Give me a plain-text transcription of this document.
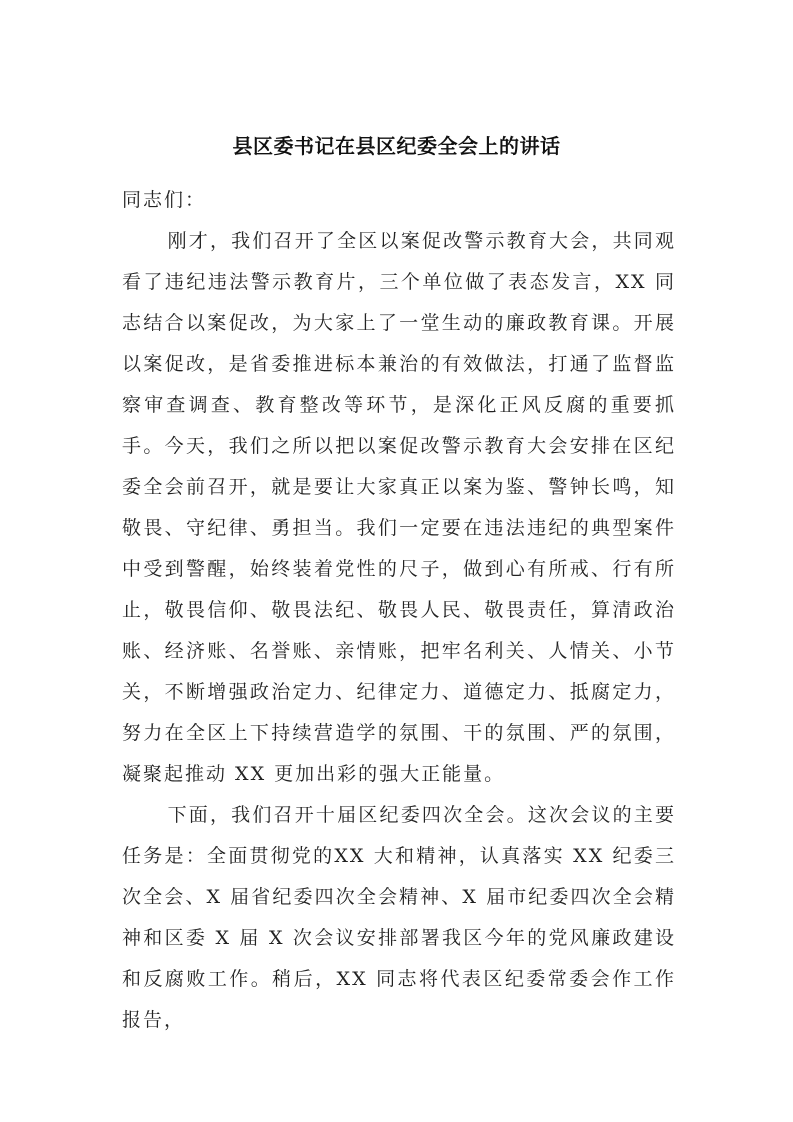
县区委书记在县区纪委全会上的讲话

同志们：

刚才，我们召开了全区以案促改警示教育大会，共同观看了违纪违法警示教育片，三个单位做了表态发言，XX 同志结合以案促改，为大家上了一堂生动的廉政教育课。开展以案促改，是省委推进标本兼治的有效做法，打通了监督监察审查调查、教育整改等环节，是深化正风反腐的重要抓手。今天，我们之所以把以案促改警示教育大会安排在区纪委全会前召开，就是要让大家真正以案为鉴、警钟长鸣，知敬畏、守纪律、勇担当。我们一定要在违法违纪的典型案件中受到警醒，始终装着党性的尺子，做到心有所戒、行有所止，敬畏信仰、敬畏法纪、敬畏人民、敬畏责任，算清政治账、经济账、名誉账、亲情账，把牢名利关、人情关、小节关，不断增强政治定力、纪律定力、道德定力、抵腐定力，努力在全区上下持续营造学的氛围、干的氛围、严的氛围，凝聚起推动 XX 更加出彩的强大正能量。

下面，我们召开十届区纪委四次全会。这次会议的主要任务是：全面贯彻党的XX 大和精神，认真落实 XX 纪委三次全会、X 届省纪委四次全会精神、X 届市纪委四次全会精神和区委 X 届 X 次会议安排部署我区今年的党风廉政建设和反腐败工作。稍后，XX 同志将代表区纪委常委会作工作报告，
